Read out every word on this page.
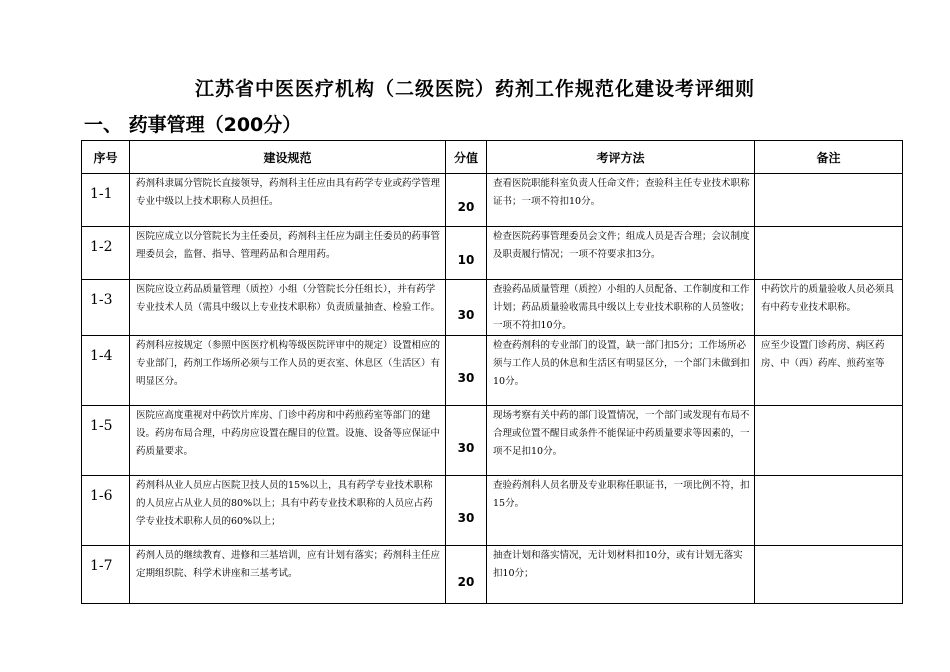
江苏省中医医疗机构（二级医院）药剂工作规范化建设考评细则
一、 药事管理（200分）
序号	建设规范	分值	考评方法	备注
1-1	药剂科隶属分管院长直接领导，药剂科主任应由具有药学专业或药学管理专业中级以上技术职称人员担任。	20	查看医院职能科室负责人任命文件；查验科主任专业技术职称证书；一项不符扣10分。	
1-2	医院应成立以分管院长为主任委员，药剂科主任应为副主任委员的药事管理委员会，监督、指导、管理药品和合理用药。	10	检查医院药事管理委员会文件；组成人员是否合理；会议制度及职责履行情况；一项不符要求扣3分。	
1-3	医院应设立药品质量管理（质控）小组（分管院长分任组长），并有药学专业技术人员（需具中级以上专业技术职称）负责质量抽查、检验工作。	30	查验药品质量管理（质控）小组的人员配备、工作制度和工作计划；药品质量验收需具中级以上专业技术职称的人员签收；一项不符扣10分。	中药饮片的质量验收人员必须具有中药专业技术职称。
1-4	药剂科应按规定（参照中医医疗机构等级医院评审中的规定）设置相应的专业部门，药剂工作场所必须与工作人员的更衣室、休息区（生活区）有明显区分。	30	检查药剂科的专业部门的设置，缺一部门扣5分；工作场所必须与工作人员的休息和生活区有明显区分，一个部门未做到扣10分。	应至少设置门诊药房、病区药房、中（西）药库、煎药室等
1-5	医院应高度重视对中药饮片库房、门诊中药房和中药煎药室等部门的建设。药房布局合理，中药房应设置在醒目的位置。设施、设备等应保证中药质量要求。	30	现场考察有关中药的部门设置情况，一个部门或发现有布局不合理或位置不醒目或条件不能保证中药质量要求等因素的，一项不足扣10分。	
1-6	药剂科从业人员应占医院卫技人员的15%以上，具有药学专业技术职称的人员应占从业人员的80%以上；具有中药专业技术职称的人员应占药学专业技术职称人员的60%以上；	30	查验药剂科人员名册及专业职称任职证书，一项比例不符，扣15分。	
1-7	药剂人员的继续教育、进修和三基培训，应有计划有落实；药剂科主任应定期组织院、科学术讲座和三基考试。	20	抽查计划和落实情况，无计划材料扣10分，或有计划无落实扣10分；	
